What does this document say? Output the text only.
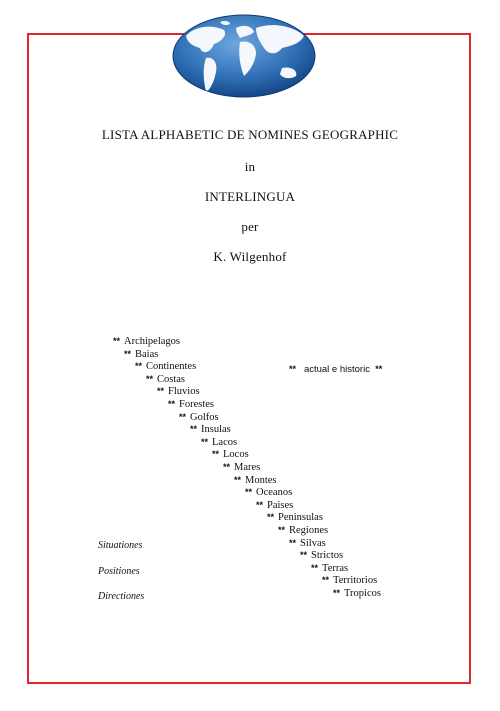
LISTA ALPHABETIC DE NOMINES GEOGRAPHIC
in
INTERLINGUA
per
K. Wilgenhof
** actual e historic **
** Archipelagos
** Baias
** Continentes
** Costas
** Fluvios
** Forestes
** Golfos
** Insulas
** Lacos
** Locos
** Mares
** Montes
** Oceanos
** Paises
** Peninsulas
** Regiones
** Silvas
** Strictos
** Terras
** Territorios
** Tropicos
Situationes
Positiones
Directiones
